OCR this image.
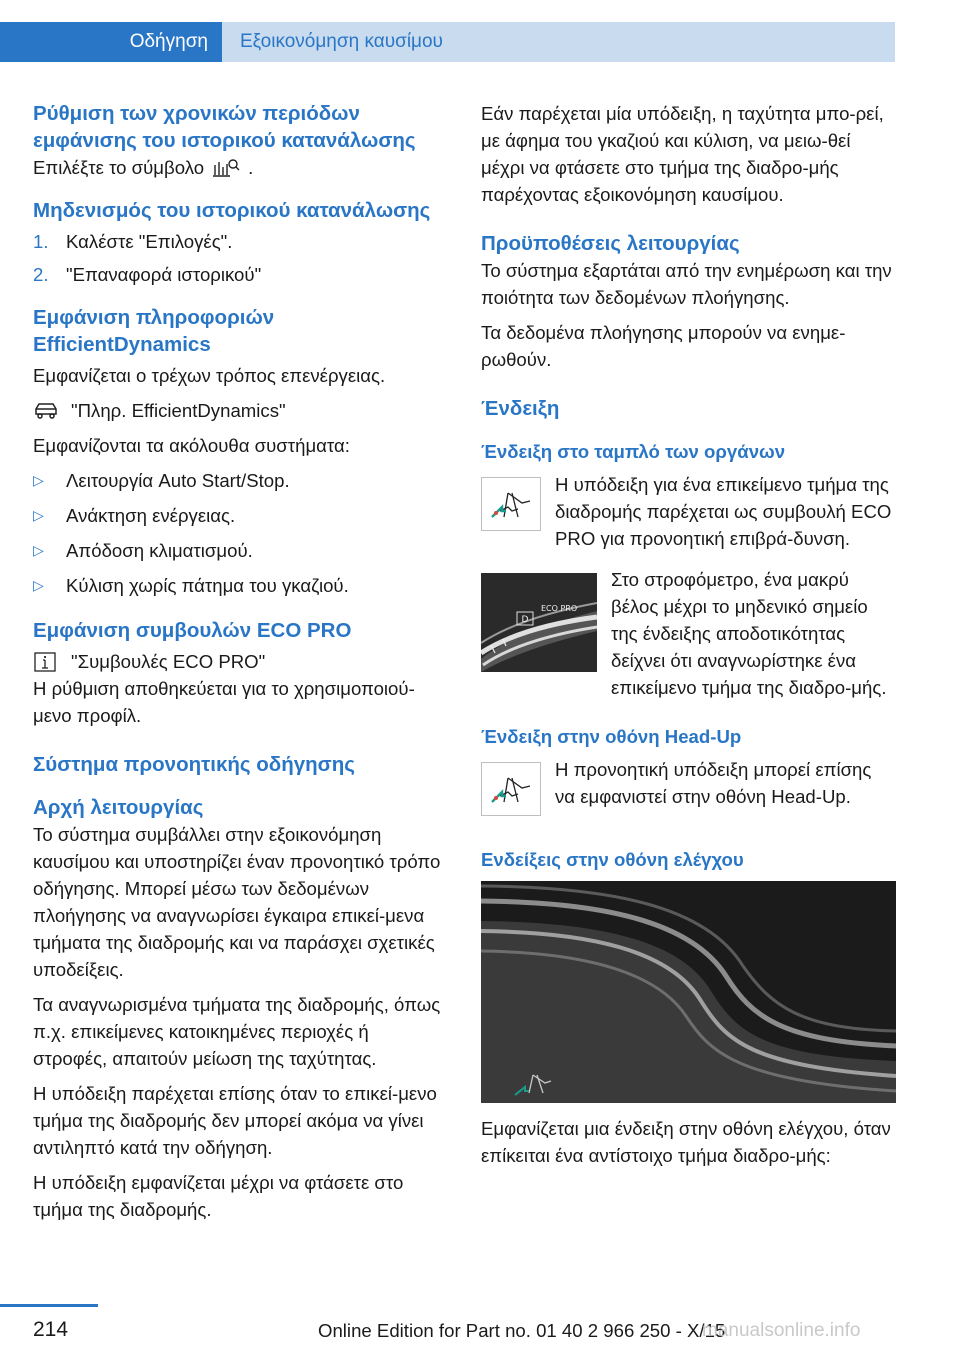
Οδήγηση	Εξοικονόμηση καυσίμου
Ρύθμιση των χρονικών περιόδων εμφάνισης του ιστορικού κατανάλωσης

Επιλέξτε το σύμβολο .

Μηδενισμός του ιστορικού κατανάλωσης
1. Καλέστε "Επιλογές".
2. "Επαναφορά ιστορικού"
Εμφάνιση πληροφοριών EfficientDynamics

Εμφανίζεται ο τρέχων τρόπος επενέργειας.

"Πληρ. EfficientDynamics"

Εμφανίζονται τα ακόλουθα συστήματα:

▷ Λειτουργία Auto Start/Stop.
▷ Ανάκτηση ενέργειας.
▷ Απόδοση κλιματισμού.
▷ Κύλιση χωρίς πάτημα του γκαζιού.
Εμφάνιση συμβουλών ECO PRO

"Συμβουλές ECO PRO"

Η ρύθμιση αποθηκεύεται για το χρησιμοποιού-μενο προφίλ.

Σύστημα προνοητικής οδήγησης
Αρχή λειτουργίας

Το σύστημα συμβάλλει στην εξοικονόμηση καυσίμου και υποστηρίζει έναν προνοητικό τρόπο οδήγησης. Μπορεί μέσω των δεδομένων πλοήγησης να αναγνωρίσει έγκαιρα επικεί-μενα τμήματα της διαδρομής και να παράσχει σχετικές υποδείξεις.

Τα αναγνωρισμένα τμήματα της διαδρομής, όπως π.χ. επικείμενες κατοικημένες περιοχές ή στροφές, απαιτούν μείωση της ταχύτητας.

Η υπόδειξη παρέχεται επίσης όταν το επικεί-μενο τμήμα της διαδρομής δεν μπορεί ακόμα να γίνει αντιληπτό κατά την οδήγηση.

Η υπόδειξη εμφανίζεται μέχρι να φτάσετε στο τμήμα της διαδρομής.

Εάν παρέχεται μία υπόδειξη, η ταχύτητα μπο-ρεί, με άφημα του γκαζιού και κύλιση, να μειω-θεί μέχρι να φτάσετε στο τμήμα της διαδρο-μής παρέχοντας εξοικονόμηση καυσίμου.

Προϋποθέσεις λειτουργίας

Το σύστημα εξαρτάται από την ενημέρωση και την ποιότητα των δεδομένων πλοήγησης.

Τα δεδομένα πλοήγησης μπορούν να ενημε-ρωθούν.

Ένδειξη
Ένδειξη στο ταμπλό των οργάνων

Η υπόδειξη για ένα επικείμενο τμήμα της διαδρομής παρέχεται ως συμβουλή ECO PRO για προνοητική επιβρά-δυνση.

D
ECO PRO

Στο στροφόμετρο, ένα μακρύ βέλος μέχρι το μηδενικό σημείο της ένδειξης αποδοτικότητας δείχνει ότι αναγνωρίστηκε ένα επικείμενο τμήμα της διαδρο-μής.

Ένδειξη στην οθόνη Head-Up

Η προνοητική υπόδειξη μπορεί επίσης να εμφανιστεί στην οθόνη Head-Up.

Ενδείξεις στην οθόνη ελέγχου

Εμφανίζεται μια ένδειξη στην οθόνη ελέγχου, όταν επίκειται ένα αντίστοιχο τμήμα διαδρο-μής:

214	Online Edition for Part no. 01 40 2 966 250 - X/15
manualsonline.info
